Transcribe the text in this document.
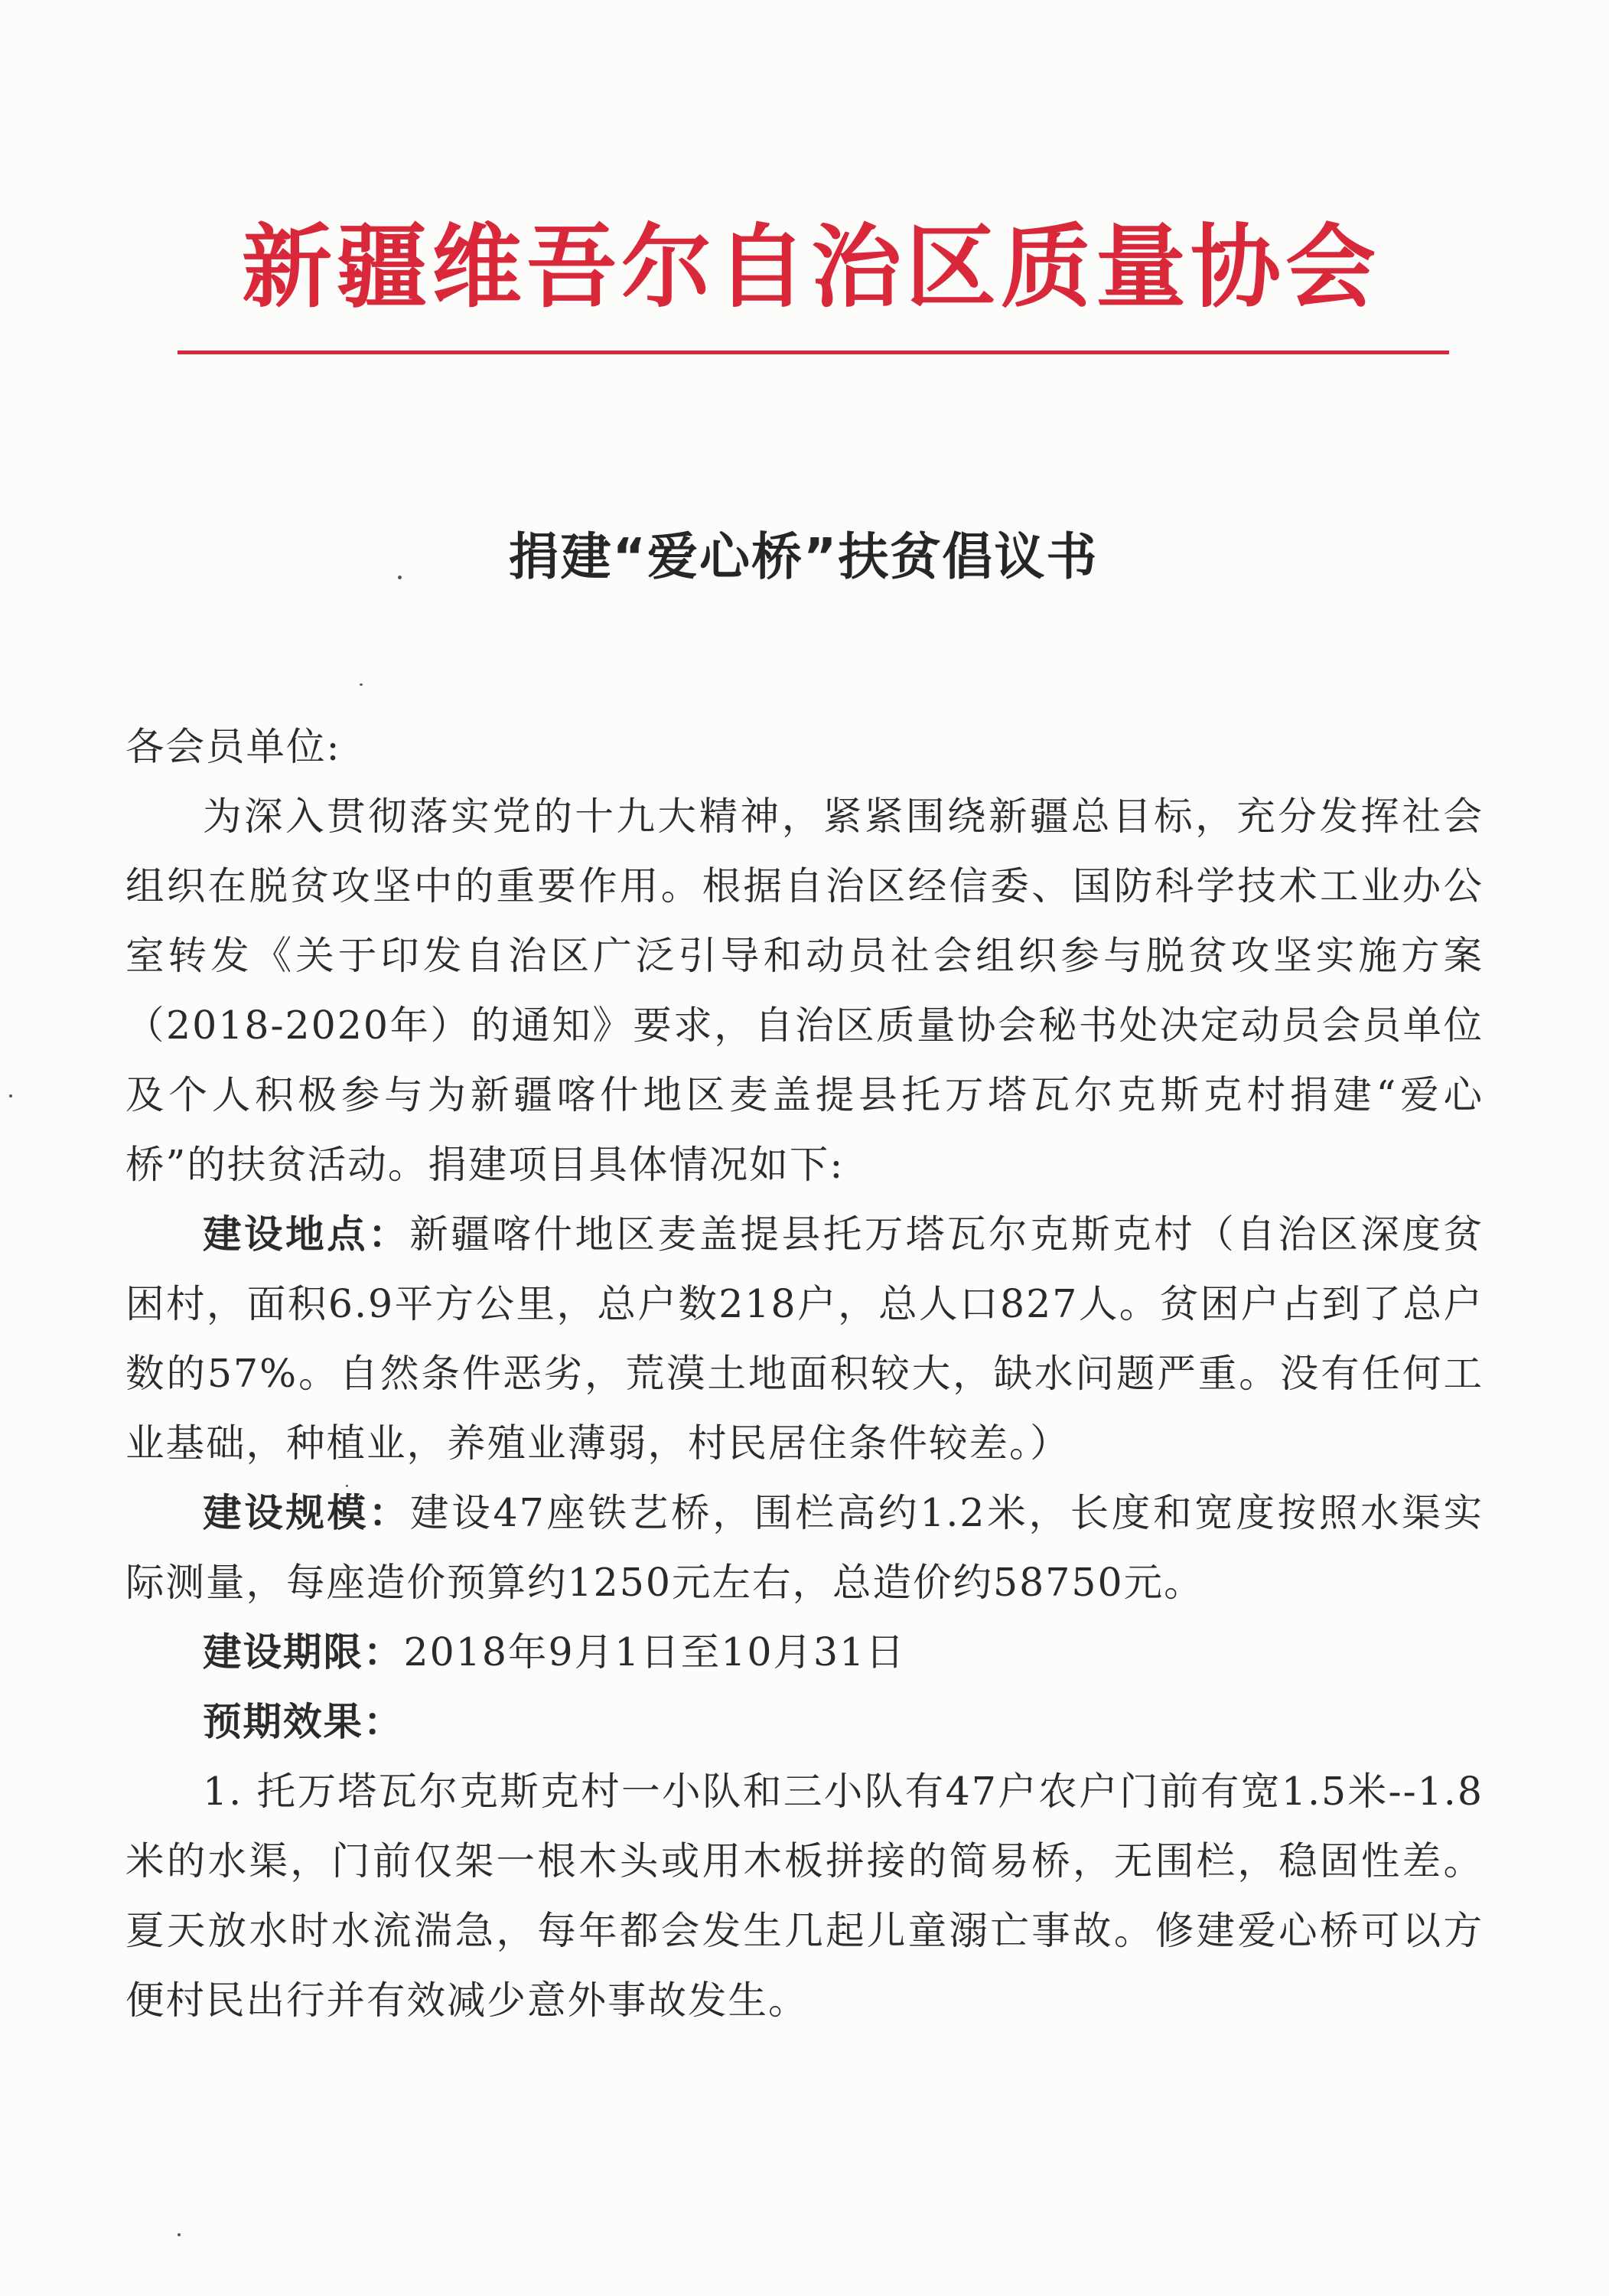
新疆维吾尔自治区质量协会
捐建“爱心桥”扶贫倡议书

各会员单位:

为深入贯彻落实党的十九大精神，紧紧围绕新疆总目标，充分发挥社会组织在脱贫攻坚中的重要作用。根据自治区经信委、国防科学技术工业办公室转发《关于印发自治区广泛引导和动员社会组织参与脱贫攻坚实施方案（2018-2020年）的通知》要求，自治区质量协会秘书处决定动员会员单位及个人积极参与为新疆喀什地区麦盖提县托万塔瓦尔克斯克村捐建“爱心桥”的扶贫活动。捐建项目具体情况如下:

建设地点：新疆喀什地区麦盖提县托万塔瓦尔克斯克村（自治区深度贫困村，面积6.9平方公里，总户数218户，总人口827人。贫困户占到了总户数的57%。自然条件恶劣，荒漠土地面积较大，缺水问题严重。没有任何工业基础，种植业，养殖业薄弱，村民居住条件较差。）

建设规模：建设47座铁艺桥，围栏高约1.2米，长度和宽度按照水渠实际测量，每座造价预算约1250元左右，总造价约58750元。

建设期限：2018年9月1日至10月31日

预期效果：

1. 托万塔瓦尔克斯克村一小队和三小队有47户农户门前有宽1.5米--1.8米的水渠，门前仅架一根木头或用木板拼接的简易桥，无围栏，稳固性差。夏天放水时水流湍急，每年都会发生几起儿童溺亡事故。修建爱心桥可以方便村民出行并有效减少意外事故发生。
